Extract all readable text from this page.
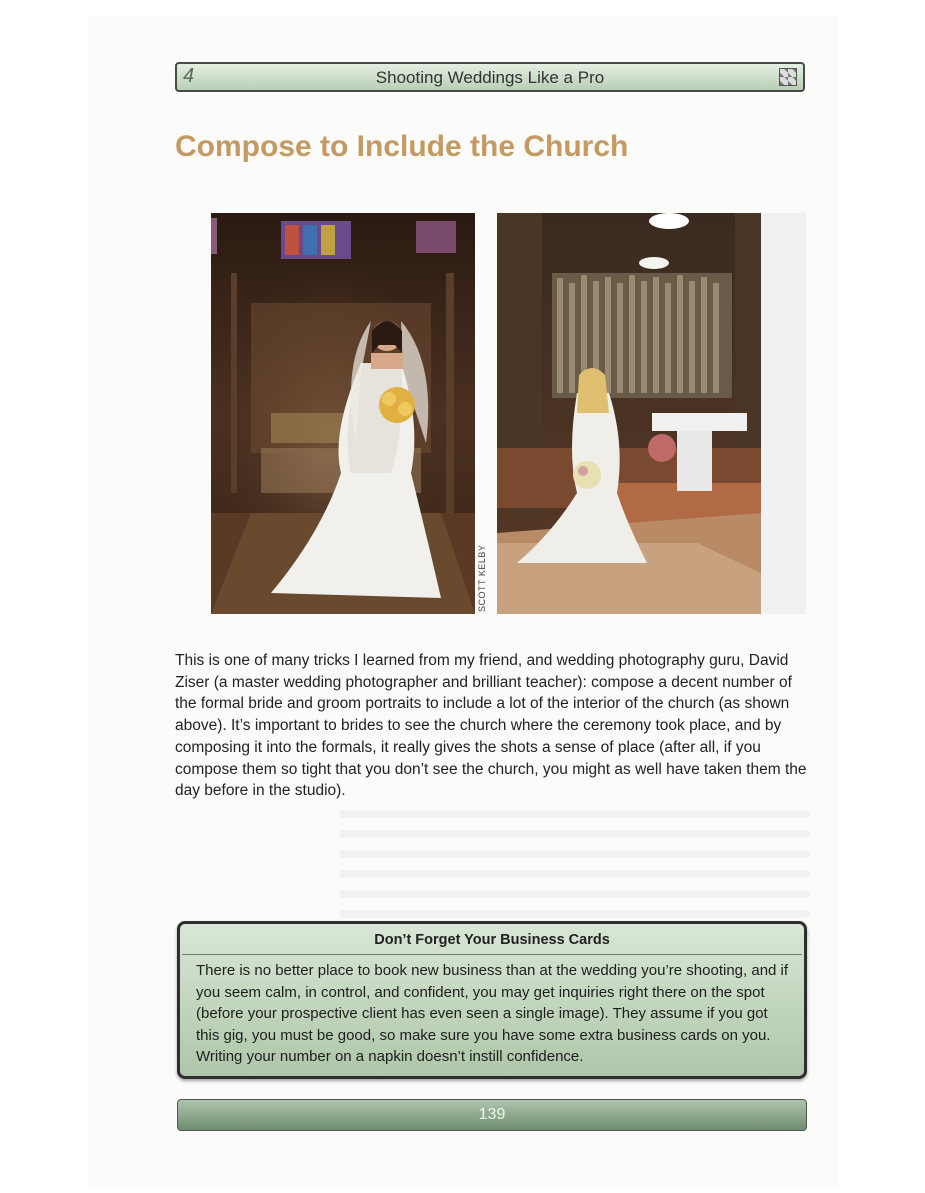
4	Shooting Weddings Like a Pro
Compose to Include the Church
SCOTT KELBY

This is one of many tricks I learned from my friend, and wedding photography guru, David Ziser (a master wedding photographer and brilliant teacher): compose a decent number of the formal bride and groom portraits to include a lot of the interior of the church (as shown above). It’s important to brides to see the church where the ceremony took place, and by composing it into the formals, it really gives the shots a sense of place (after all, if you compose them so tight that you don’t see the church, you might as well have taken them the day before in the studio).

Don’t Forget Your Business Cards

There is no better place to book new business than at the wedding you’re shooting, and if you seem calm, in control, and confident, you may get inquiries right there on the spot (before your prospective client has even seen a single image). They assume if you got this gig, you must be good, so make sure you have some extra business cards on you. Writing your number on a napkin doesn’t instill confidence.

139
